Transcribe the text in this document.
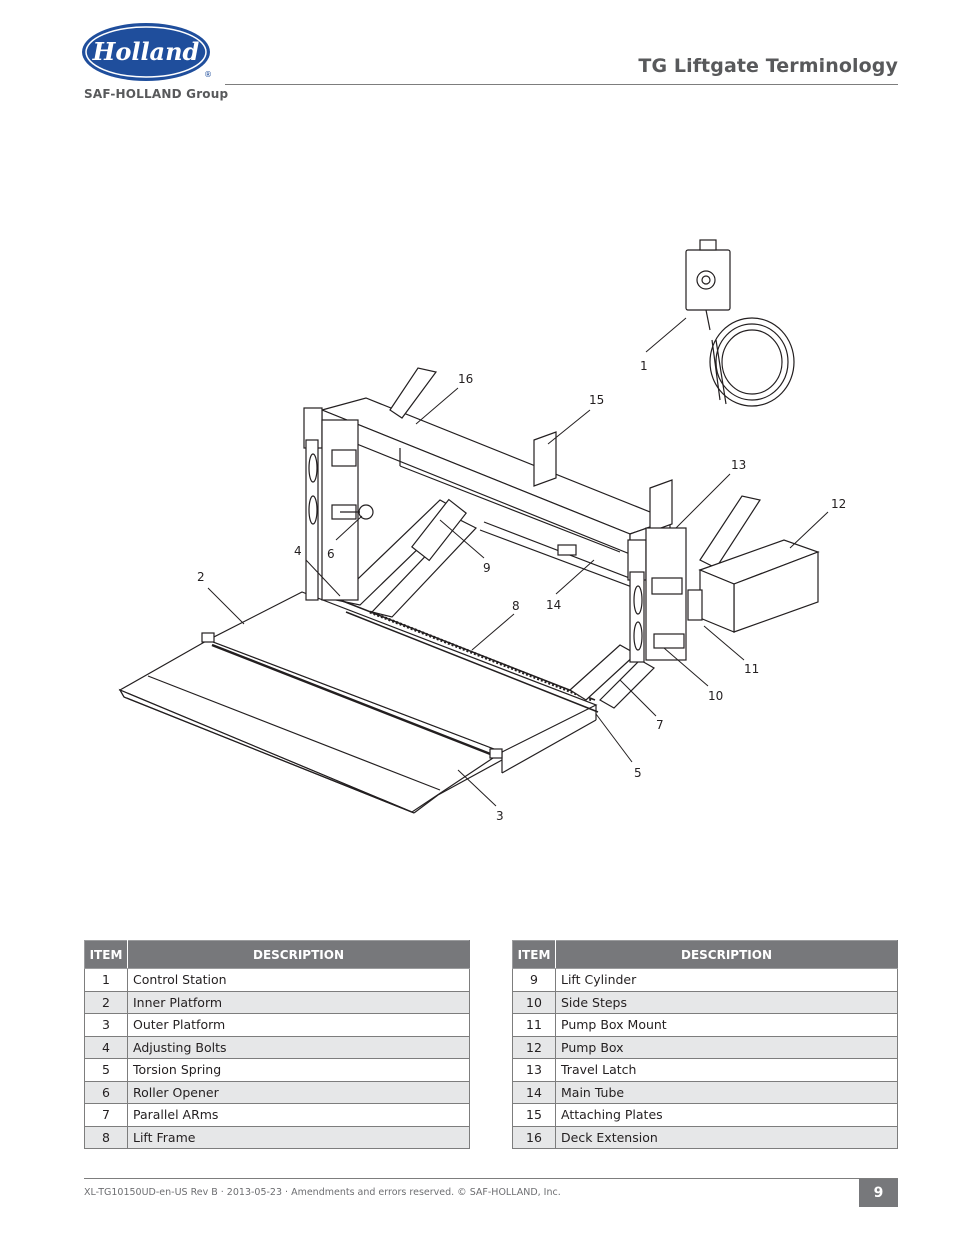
Holland
®
SAF-HOLLAND Group
TG Liftgate Terminology
1
2
3
4
5
6
7
8
9
10
11
12
13
14
15
16
ITEM	DESCRIPTION
1	Control Station
2	Inner Platform
3	Outer Platform
4	Adjusting Bolts
5	Torsion Spring
6	Roller Opener
7	Parallel ARms
8	Lift Frame
ITEM	DESCRIPTION
9	Lift Cylinder
10	Side Steps
11	Pump Box Mount
12	Pump Box
13	Travel Latch
14	Main Tube
15	Attaching Plates
16	Deck Extension
XL-TG10150UD-en-US Rev B · 2013-05-23 · Amendments and errors reserved. © SAF-HOLLAND, Inc.	9
